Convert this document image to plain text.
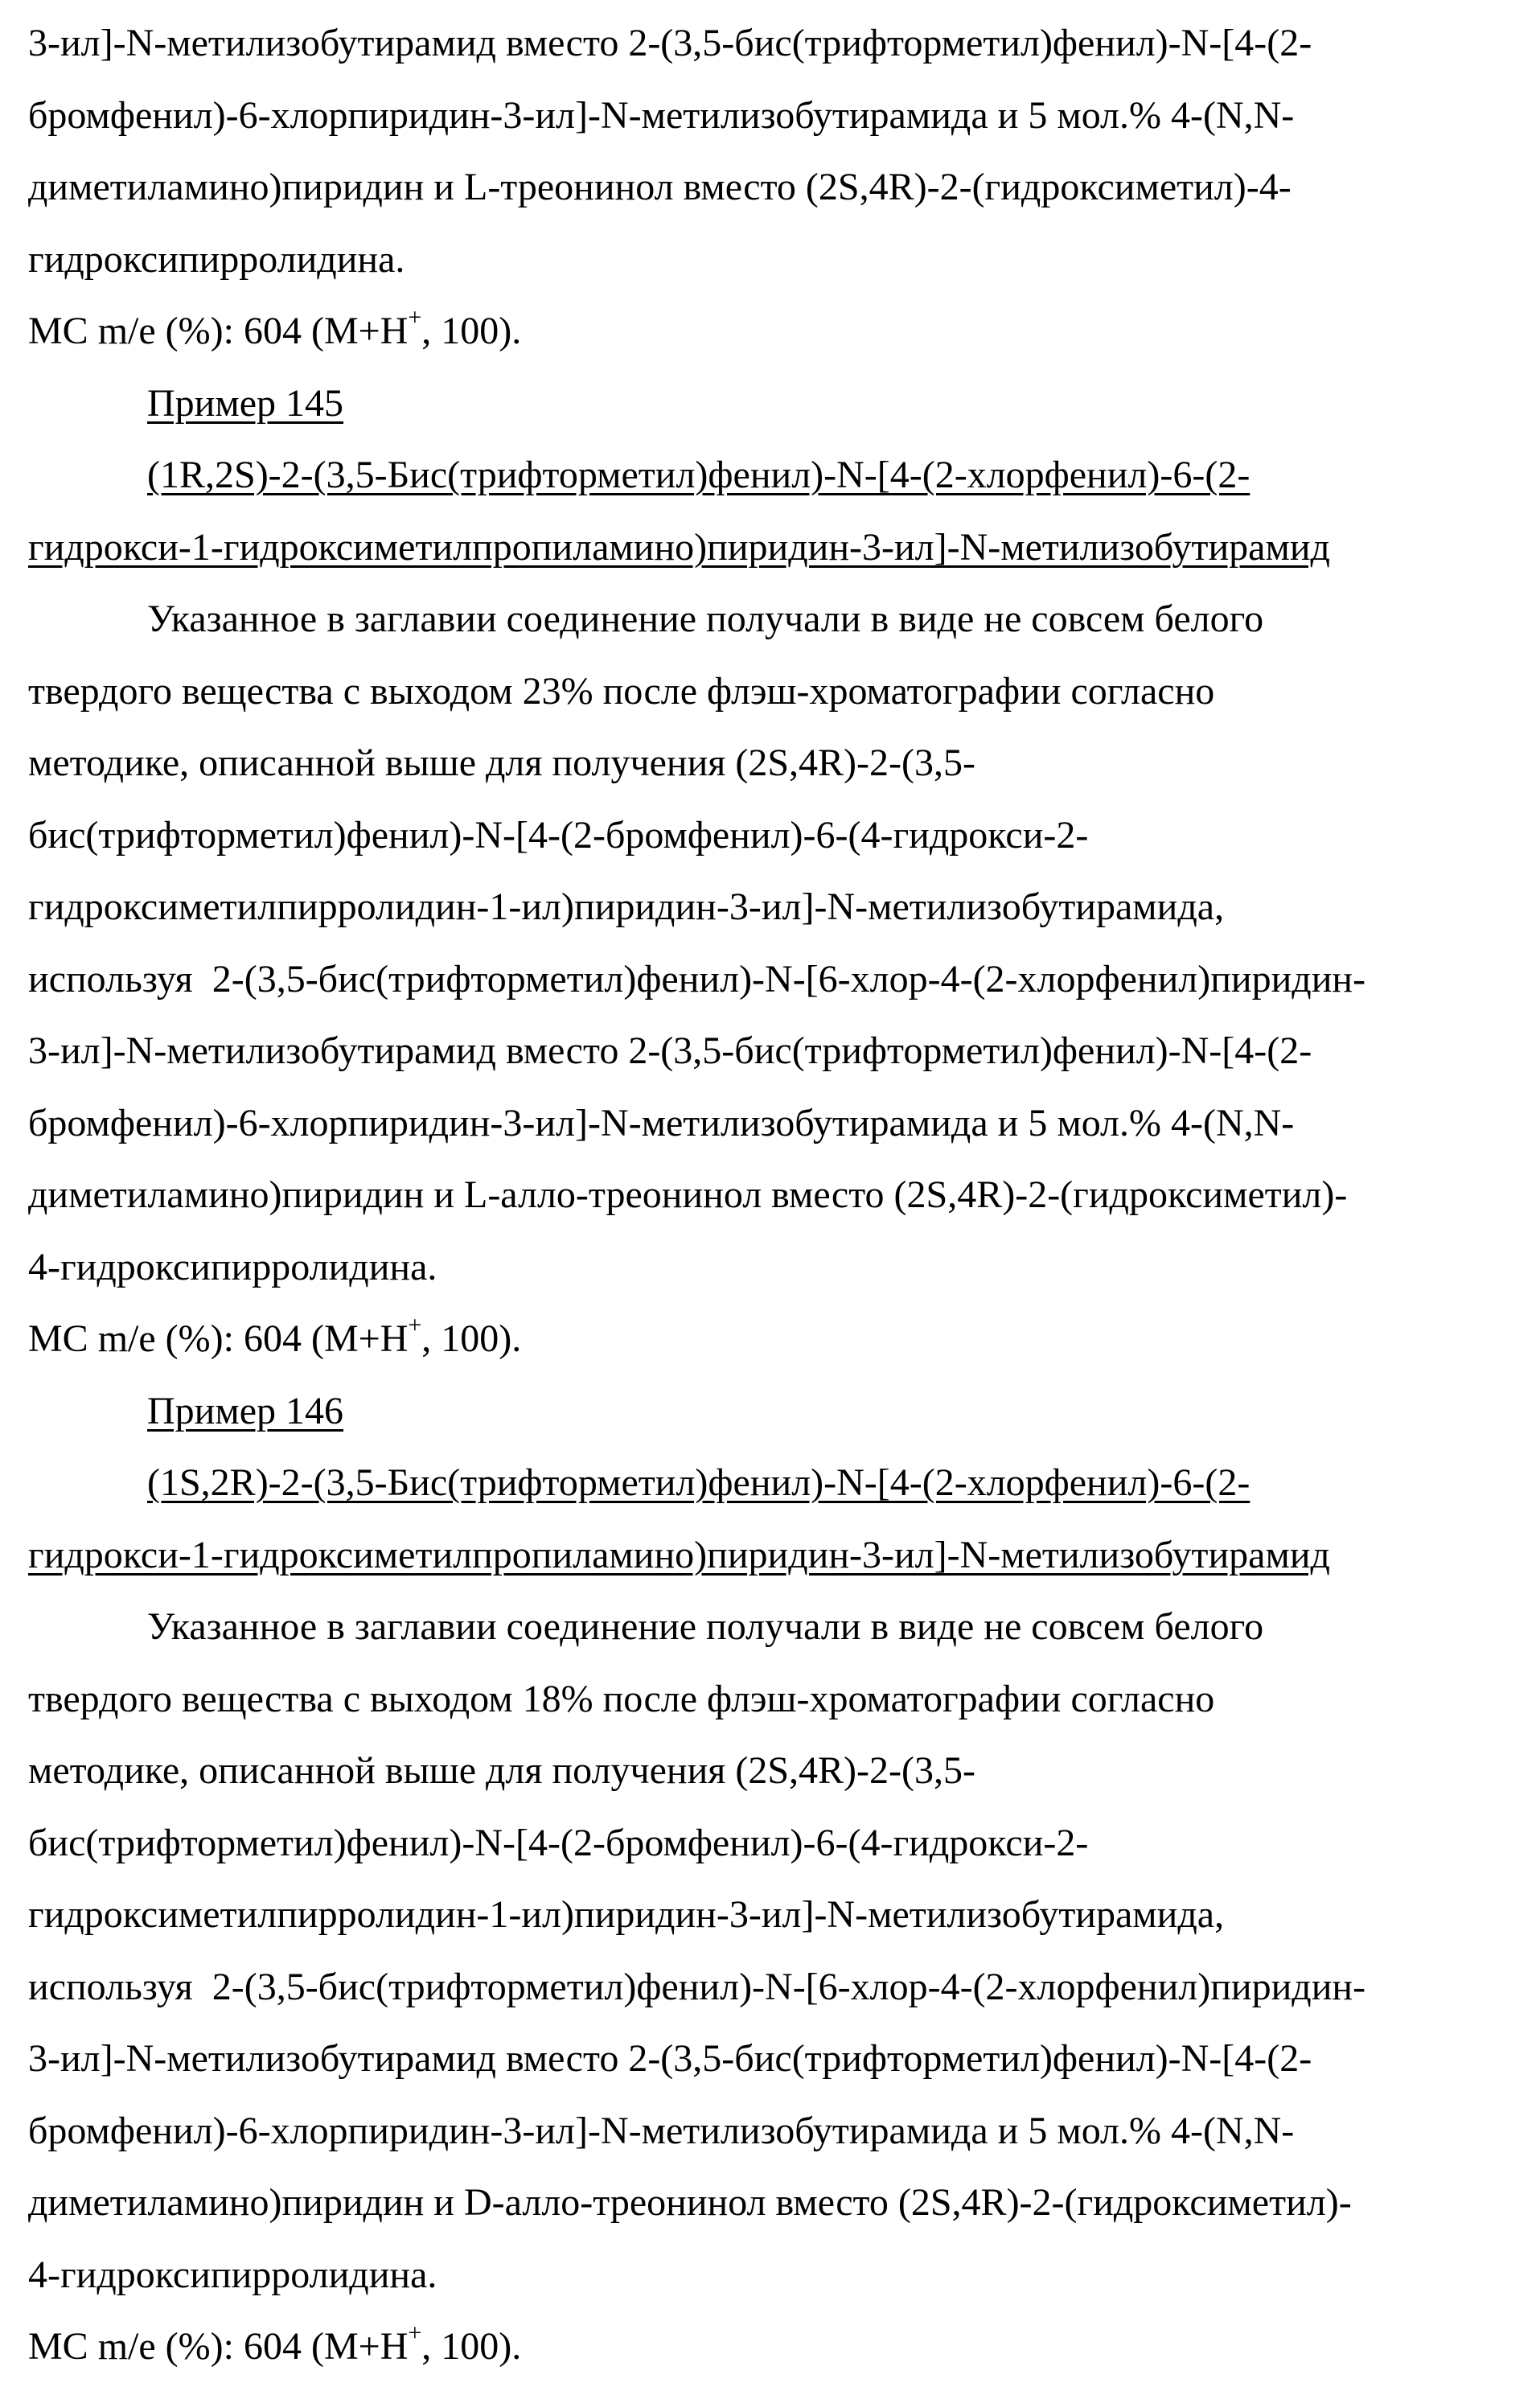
3-ил]-N-метилизобутирамид вместо 2-(3,5-бис(трифторметил)фенил)-N-[4-(2-
бромфенил)-6-хлорпиридин-3-ил]-N-метилизобутирамида и 5 мол.% 4-(N,N-
диметиламино)пиридин и L-треонинол вместо (2S,4R)-2-(гидроксиметил)-4-
гидроксипирролидина.
МС m/e (%): 604 (M+H+, 100).
Пример 145
(1R,2S)-2-(3,5-Бис(трифторметил)фенил)-N-[4-(2-хлорфенил)-6-(2-
гидрокси-1-гидроксиметилпропиламино)пиридин-3-ил]-N-метилизобутирамид
Указанное в заглавии соединение получали в виде не совсем белого
твердого вещества с выходом 23% после флэш-хроматографии согласно
методике, описанной выше для получения (2S,4R)-2-(3,5-
бис(трифторметил)фенил)-N-[4-(2-бромфенил)-6-(4-гидрокси-2-
гидроксиметилпирролидин-1-ил)пиридин-3-ил]-N-метилизобутирамида,
используя  2-(3,5-бис(трифторметил)фенил)-N-[6-хлор-4-(2-хлорфенил)пиридин-
3-ил]-N-метилизобутирамид вместо 2-(3,5-бис(трифторметил)фенил)-N-[4-(2-
бромфенил)-6-хлорпиридин-3-ил]-N-метилизобутирамида и 5 мол.% 4-(N,N-
диметиламино)пиридин и L-алло-треонинол вместо (2S,4R)-2-(гидроксиметил)-
4-гидроксипирролидина.
МС m/e (%): 604 (M+H+, 100).
Пример 146
(1S,2R)-2-(3,5-Бис(трифторметил)фенил)-N-[4-(2-хлорфенил)-6-(2-
гидрокси-1-гидроксиметилпропиламино)пиридин-3-ил]-N-метилизобутирамид
Указанное в заглавии соединение получали в виде не совсем белого
твердого вещества с выходом 18% после флэш-хроматографии согласно
методике, описанной выше для получения (2S,4R)-2-(3,5-
бис(трифторметил)фенил)-N-[4-(2-бромфенил)-6-(4-гидрокси-2-
гидроксиметилпирролидин-1-ил)пиридин-3-ил]-N-метилизобутирамида,
используя  2-(3,5-бис(трифторметил)фенил)-N-[6-хлор-4-(2-хлорфенил)пиридин-
3-ил]-N-метилизобутирамид вместо 2-(3,5-бис(трифторметил)фенил)-N-[4-(2-
бромфенил)-6-хлорпиридин-3-ил]-N-метилизобутирамида и 5 мол.% 4-(N,N-
диметиламино)пиридин и D-алло-треонинол вместо (2S,4R)-2-(гидроксиметил)-
4-гидроксипирролидина.
МС m/e (%): 604 (M+H+, 100).
